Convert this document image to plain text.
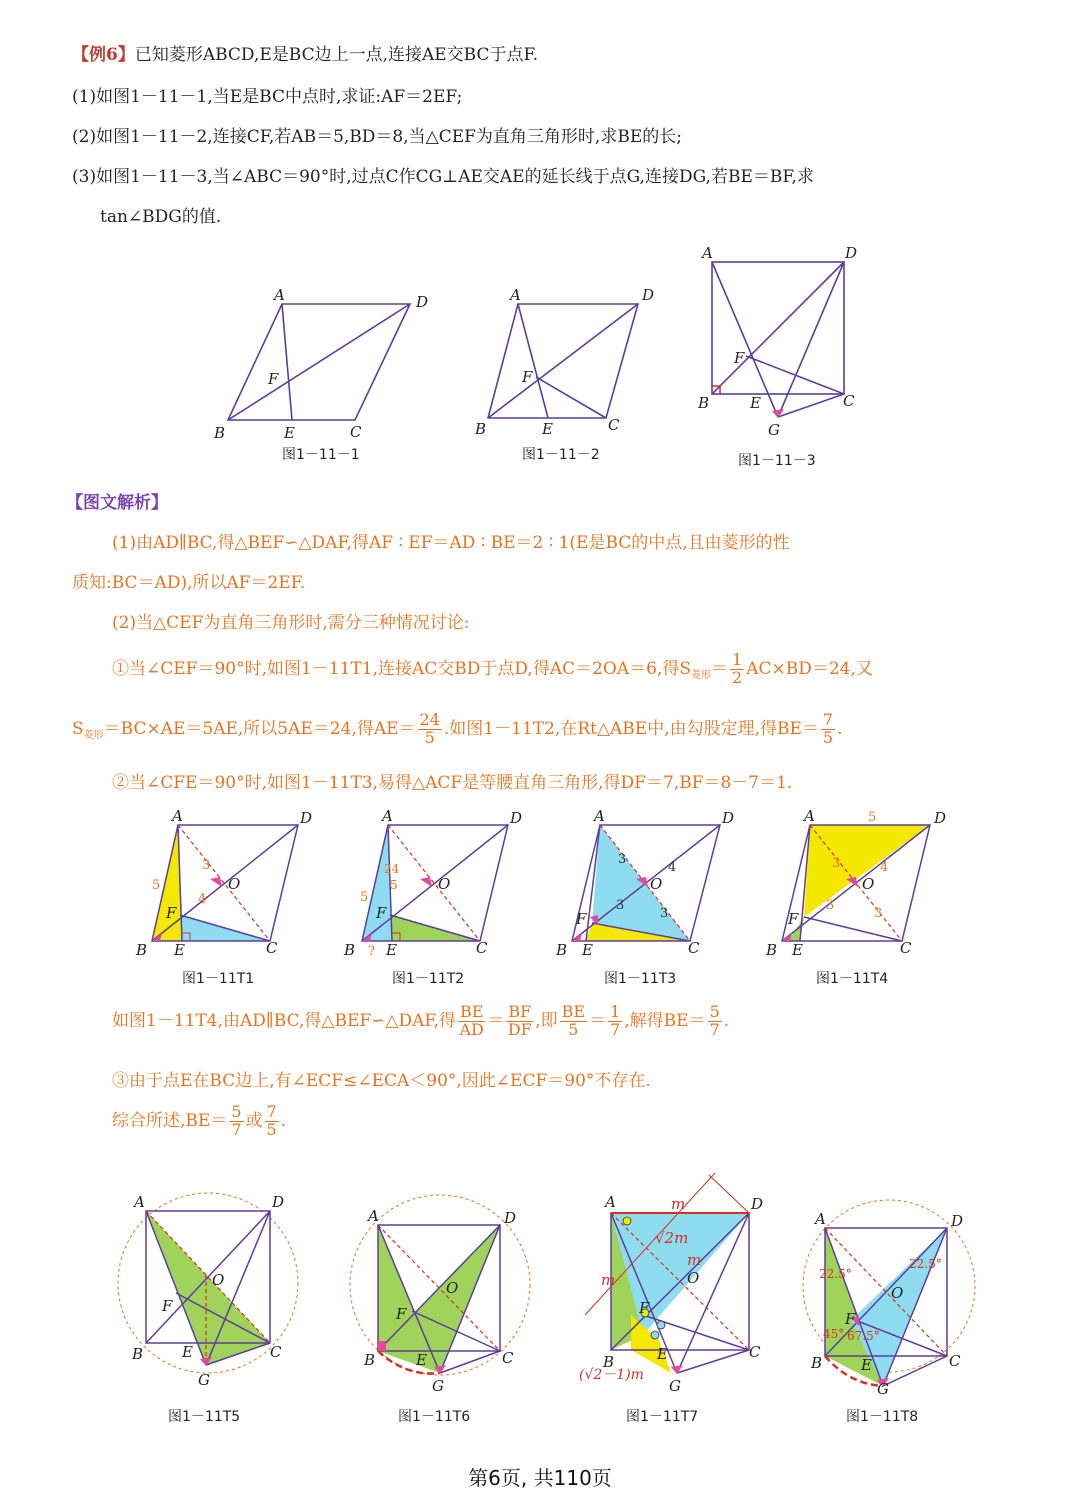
【例6】已知菱形ABCD,E是BC边上一点,连接AE交BC于点F.
(1)如图1－11－1,当E是BC中点时,求证:AF＝2EF;
(2)如图1－11－2,连接CF,若AB＝5,BD＝8,当△CEF为直角三角形时,求BE的长;
(3)如图1－11－3,当∠ABC＝90°时,过点C作CG⊥AE交AE的延长线于点G,连接DG,若BE＝BF,求
tan∠BDG的值.
A	D
B	E	C
F
图1－11－1
A	D
B	E	C
F
图1－11－2
A	D
B	E	C
F
G
图1－11－3
【图文解析】
(1)由AD∥BC,得△BEF∽△DAF,得AF ∶ EF＝AD ∶ BE＝2 ∶ 1(E是BC的中点,且由菱形的性
质知:BC＝AD),所以AF＝2EF.
(2)当△CEF为直角三角形时,需分三种情况讨论:
①当∠CEF＝90°时,如图1－11T1,连接AC交BD于点D,得AC＝2OA＝6,得$S_{菱形}= \frac{1}{2} AC\times BD=24$,又
$S_{菱形}=BC\times AE=5AE$,所以5AE＝24,得$AE= \frac{24}{5}$ .如图1－11T2,在Rt△ABE中,由勾股定理,得$BE= \frac{7}{5}$ .
②当∠CFE＝90°时,如图1－11T3,易得△ACF是等腰直角三角形,得DF＝7,BF＝8－7＝1.
A	D
B E	C
F
O
5
3
4
图1－11T1
A	D
B E	C
F
O
5
24
5
?
图1－11T2
A	D
B E	C
F
O
3
4
3
3
图1－11T3
A	D
B E	C
F
O
5
3	4
3
3
图1－11T4
如图1－11T4,由AD∥BC,得△BEF∽△DAF,得 $\frac{BE}{AD} = \frac{BF}{DF}$ ,即 $\frac{BE}{5} = \frac{1}{7}$ ,解得$BE= \frac{5}{7}$ .
③由于点E在BC边上,有∠ECF≤∠ECA＜90°,因此∠ECF＝90°不存在.
综合所述$,BE= \frac{5}{7}$ 或 $\frac{7}{5}$ .
A	D
B	E	C
F
G
O
图1－11T5
A	D
B	E	C
F
G
O
图1－11T6
A	D
B	E	C
F
G
O
m
m
m
√2m
(√2－1)m
图1－11T7
A	D
B	E	C
F
G
O
22.5°
22.5°
45° 67.5°
图1－11T8
第6页, 共110页
